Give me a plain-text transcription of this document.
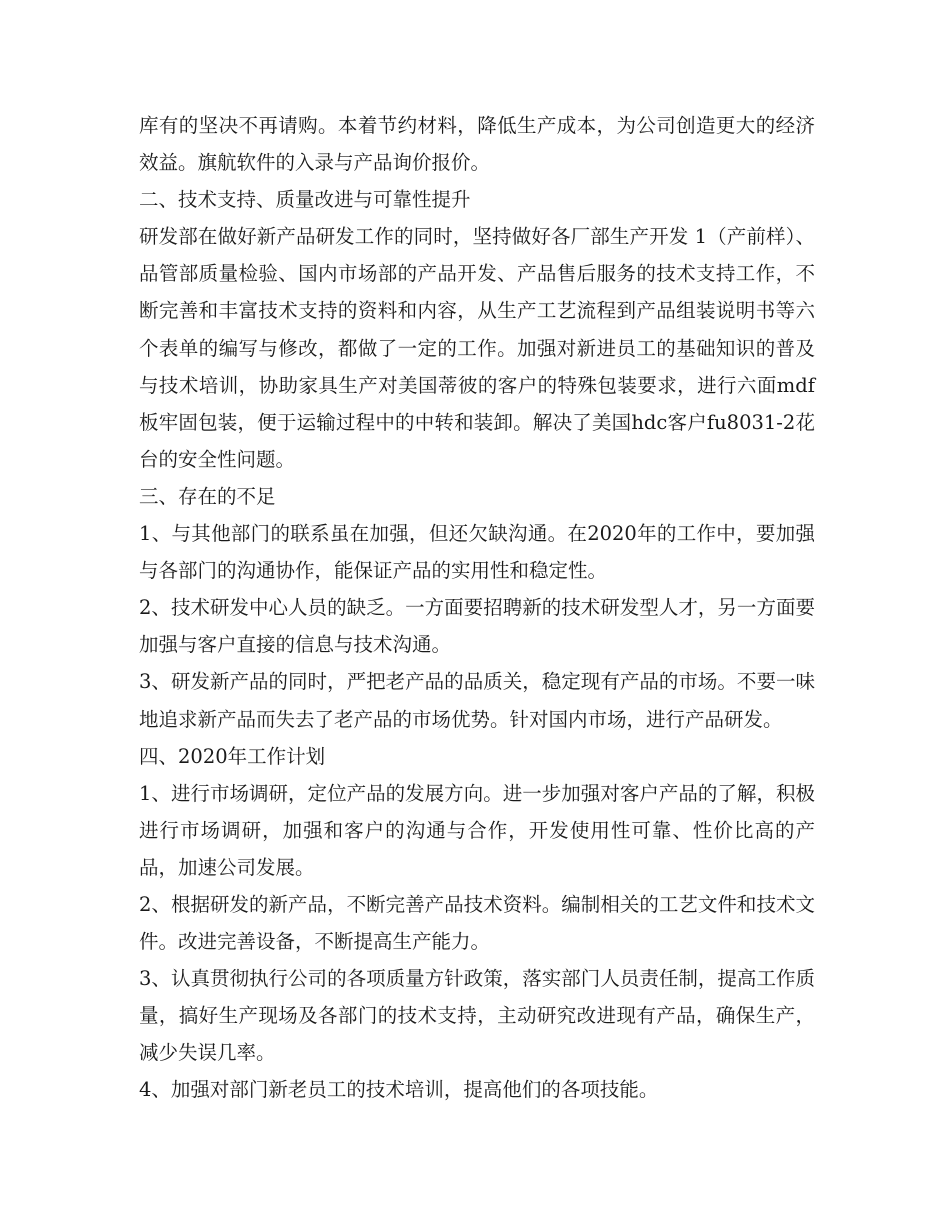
库有的坚决不再请购。本着节约材料，降低生产成本，为公司创造更大的经济效益。旗航软件的入录与产品询价报价。

二、技术支持、质量改进与可靠性提升

研发部在做好新产品研发工作的同时，坚持做好各厂部生产开发 1（产前样）、品管部质量检验、国内市场部的产品开发、产品售后服务的技术支持工作，不断完善和丰富技术支持的资料和内容，从生产工艺流程到产品组装说明书等六个表单的编写与修改，都做了一定的工作。加强对新进员工的基础知识的普及与技术培训，协助家具生产对美国蒂彼的客户的特殊包装要求，进行六面mdf板牢固包装，便于运输过程中的中转和装卸。解决了美国hdc客户fu8031-2花台的安全性问题。

三、存在的不足

1、与其他部门的联系虽在加强，但还欠缺沟通。在2020年的工作中，要加强与各部门的沟通协作，能保证产品的实用性和稳定性。

2、技术研发中心人员的缺乏。一方面要招聘新的技术研发型人才，另一方面要加强与客户直接的信息与技术沟通。

3、研发新产品的同时，严把老产品的品质关，稳定现有产品的市场。不要一味地追求新产品而失去了老产品的市场优势。针对国内市场，进行产品研发。

四、2020年工作计划

1、进行市场调研，定位产品的发展方向。进一步加强对客户产品的了解，积极进行市场调研，加强和客户的沟通与合作，开发使用性可靠、性价比高的产品，加速公司发展。

2、根据研发的新产品，不断完善产品技术资料。编制相关的工艺文件和技术文件。改进完善设备，不断提高生产能力。

3、认真贯彻执行公司的各项质量方针政策，落实部门人员责任制，提高工作质量，搞好生产现场及各部门的技术支持，主动研究改进现有产品，确保生产，减少失误几率。

4、加强对部门新老员工的技术培训，提高他们的各项技能。
